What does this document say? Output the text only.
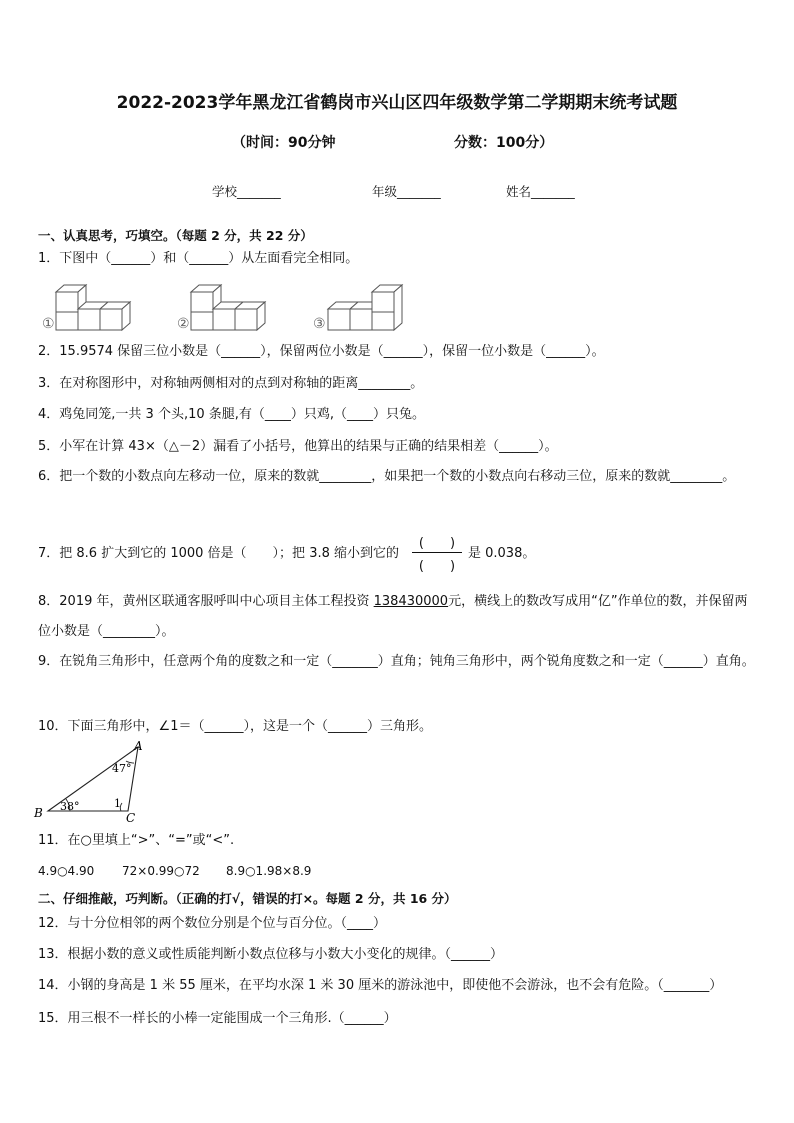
2022-2023学年黑龙江省鹤岗市兴山区四年级数学第二学期期末统考试题
（时间：90分钟	分数：100分）
学校_______	年级_______	姓名_______
一、认真思考，巧填空。（每题 2 分，共 22 分）
1．下图中（______）和（______）从左面看完全相同。
①	②	③
2．15.9574 保留三位小数是（______），保留两位小数是（______），保留一位小数是（______）。
3．在对称图形中，对称轴两侧相对的点到对称轴的距离________。
4．鸡兔同笼,一共 3 个头,10 条腿,有（____）只鸡,（____）只兔。
5．小军在计算 43×（△－2）漏看了小括号，他算出的结果与正确的结果相差（______）。
6．把一个数的小数点向左移动一位，原来的数就________，如果把一个数的小数点向右移动三位，原来的数就________。
7．把 8.6 扩大到它的 1000 倍是（　　）；把 3.8 缩小到它的
(　　)
(　　)
是 0.038。
8．2019 年，黄州区联通客服呼叫中心项目主体工程投资 138430000元，横线上的数改写成用“亿”作单位的数，并保留两位小数是（________）。
9．在锐角三角形中，任意两个角的度数之和一定（_______）直角；钝角三角形中，两个锐角度数之和一定（______）直角。
10．下面三角形中，∠1＝（______），这是一个（______）三角形。
A
B	C
47°
38°	1
11．在○里填上“>”、“=”或“<”.
4.9○4.90 72×0.99○72 8.9○1.98×8.9
二、仔细推敲，巧判断。（正确的打√，错误的打×。每题 2 分，共 16 分）
12．与十分位相邻的两个数位分别是个位与百分位。（____）
13．根据小数的意义或性质能判断小数点位移与小数大小变化的规律。（______）
14．小钢的身高是 1 米 55 厘米，在平均水深 1 米 30 厘米的游泳池中，即使他不会游泳，也不会有危险。（_______）
15．用三根不一样长的小棒一定能围成一个三角形.（______）
